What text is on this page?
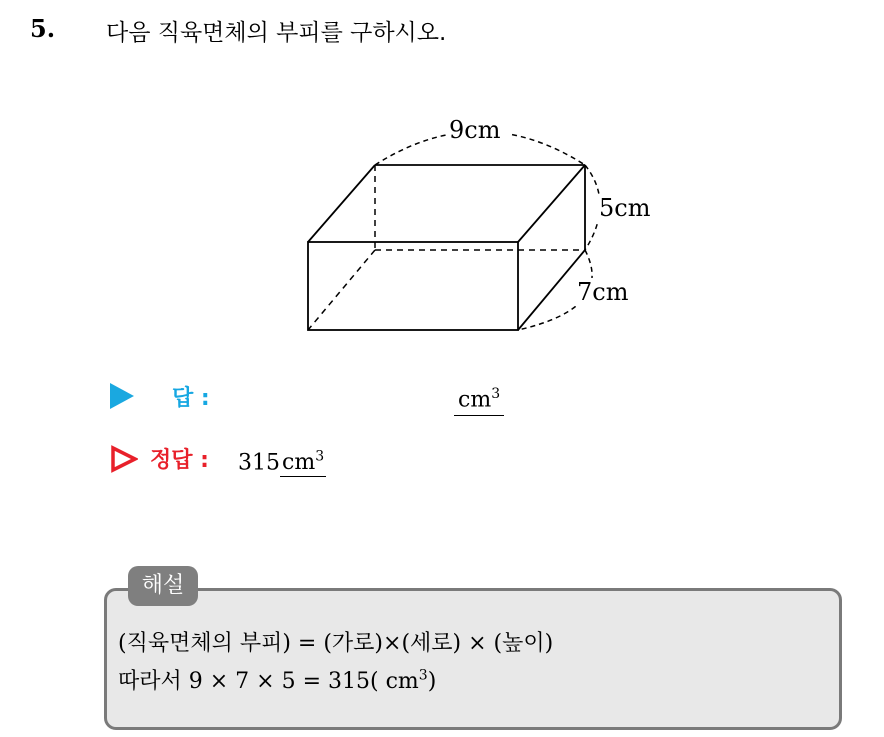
5. 다음 직육면체의 부피를 구하시오.
9cm
5cm
7cm
답 :	$cm^3$
정답 : $315cm^3$
해설
(직육면체의 부피) = (가로)×(세로) × (높이)
따라서 9 × 7 × 5 = 315( $cm^3$)
